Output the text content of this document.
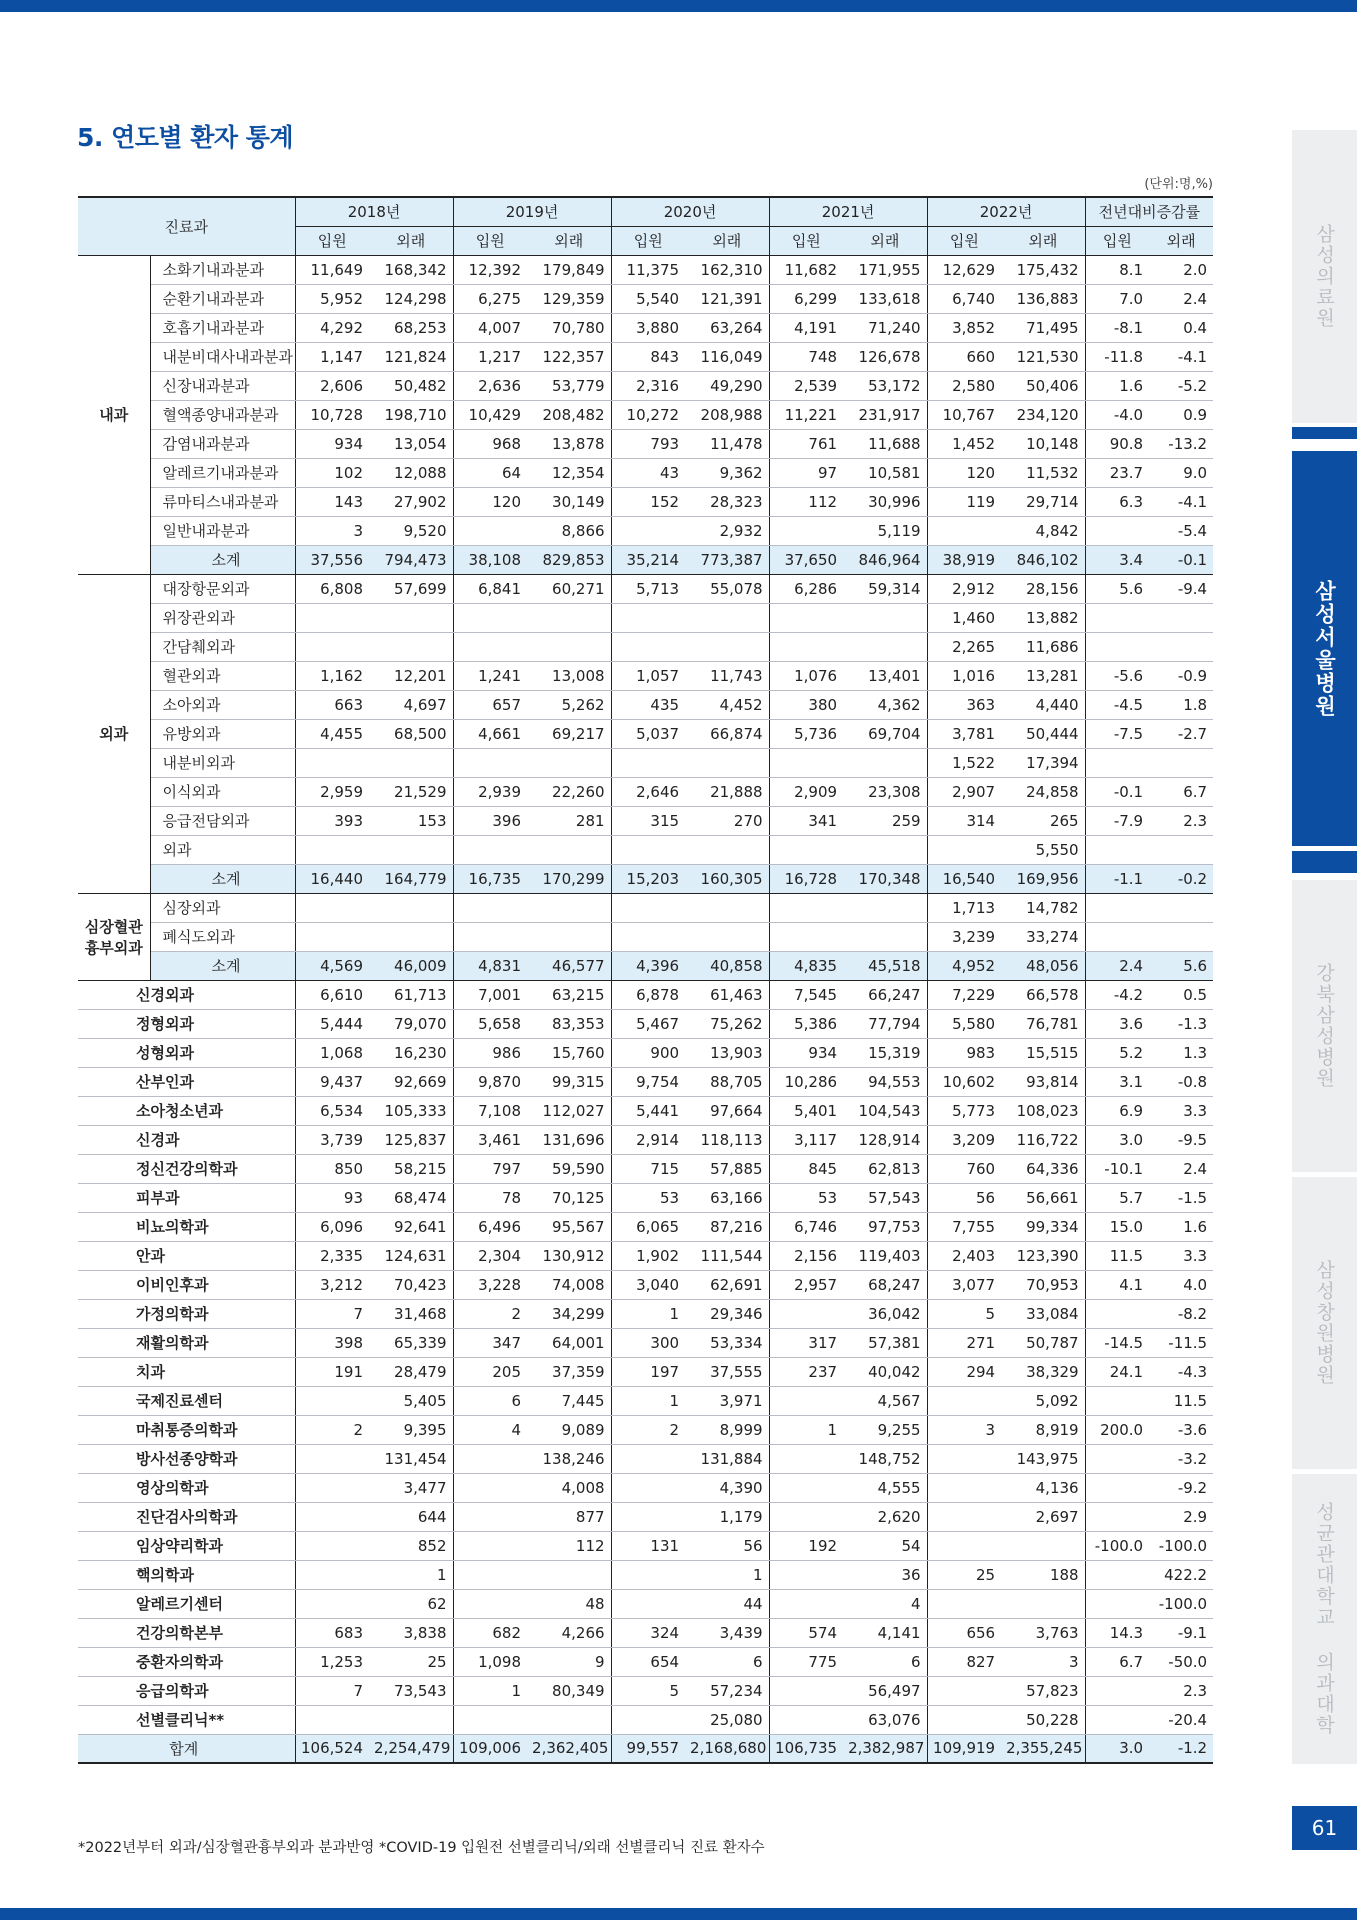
5. 연도별 환자 통계
(단위:명,%)
진료과		2018년		2019년		2020년		2021년		2022년		전년대비증감률	
		입원	외래	입원	외래	입원	외래	입원	외래	입원	외래	입원	외래
내과	소화기내과분과	11,649	168,342	12,392	179,849	11,375	162,310	11,682	171,955	12,629	175,432	8.1	2.0
	순환기내과분과	5,952	124,298	6,275	129,359	5,540	121,391	6,299	133,618	6,740	136,883	7.0	2.4
	호흡기내과분과	4,292	68,253	4,007	70,780	3,880	63,264	4,191	71,240	3,852	71,495	-8.1	0.4
	내분비대사내과분과	1,147	121,824	1,217	122,357	843	116,049	748	126,678	660	121,530	-11.8	-4.1
	신장내과분과	2,606	50,482	2,636	53,779	2,316	49,290	2,539	53,172	2,580	50,406	1.6	-5.2
	혈액종양내과분과	10,728	198,710	10,429	208,482	10,272	208,988	11,221	231,917	10,767	234,120	-4.0	0.9
	감염내과분과	934	13,054	968	13,878	793	11,478	761	11,688	1,452	10,148	90.8	-13.2
	알레르기내과분과	102	12,088	64	12,354	43	9,362	97	10,581	120	11,532	23.7	9.0
	류마티스내과분과	143	27,902	120	30,149	152	28,323	112	30,996	119	29,714	6.3	-4.1
	일반내과분과	3	9,520		8,866		2,932		5,119		4,842		-5.4
	소계	37,556	794,473	38,108	829,853	35,214	773,387	37,650	846,964	38,919	846,102	3.4	-0.1
외과	대장항문외과	6,808	57,699	6,841	60,271	5,713	55,078	6,286	59,314	2,912	28,156	5.6	-9.4
	위장관외과									1,460	13,882		
	간담췌외과									2,265	11,686		
	혈관외과	1,162	12,201	1,241	13,008	1,057	11,743	1,076	13,401	1,016	13,281	-5.6	-0.9
	소아외과	663	4,697	657	5,262	435	4,452	380	4,362	363	4,440	-4.5	1.8
	유방외과	4,455	68,500	4,661	69,217	5,037	66,874	5,736	69,704	3,781	50,444	-7.5	-2.7
	내분비외과									1,522	17,394		
	이식외과	2,959	21,529	2,939	22,260	2,646	21,888	2,909	23,308	2,907	24,858	-0.1	6.7
	응급전담외과	393	153	396	281	315	270	341	259	314	265	-7.9	2.3
	외과										5,550		
	소계	16,440	164,779	16,735	170,299	15,203	160,305	16,728	170,348	16,540	169,956	-1.1	-0.2
심장혈관
흉부외과	심장외과									1,713	14,782		
	폐식도외과									3,239	33,274		
	소계	4,569	46,009	4,831	46,577	4,396	40,858	4,835	45,518	4,952	48,056	2.4	5.6
신경외과		6,610	61,713	7,001	63,215	6,878	61,463	7,545	66,247	7,229	66,578	-4.2	0.5
정형외과		5,444	79,070	5,658	83,353	5,467	75,262	5,386	77,794	5,580	76,781	3.6	-1.3
성형외과		1,068	16,230	986	15,760	900	13,903	934	15,319	983	15,515	5.2	1.3
산부인과		9,437	92,669	9,870	99,315	9,754	88,705	10,286	94,553	10,602	93,814	3.1	-0.8
소아청소년과		6,534	105,333	7,108	112,027	5,441	97,664	5,401	104,543	5,773	108,023	6.9	3.3
신경과		3,739	125,837	3,461	131,696	2,914	118,113	3,117	128,914	3,209	116,722	3.0	-9.5
정신건강의학과		850	58,215	797	59,590	715	57,885	845	62,813	760	64,336	-10.1	2.4
피부과		93	68,474	78	70,125	53	63,166	53	57,543	56	56,661	5.7	-1.5
비뇨의학과		6,096	92,641	6,496	95,567	6,065	87,216	6,746	97,753	7,755	99,334	15.0	1.6
안과		2,335	124,631	2,304	130,912	1,902	111,544	2,156	119,403	2,403	123,390	11.5	3.3
이비인후과		3,212	70,423	3,228	74,008	3,040	62,691	2,957	68,247	3,077	70,953	4.1	4.0
가정의학과		7	31,468	2	34,299	1	29,346		36,042	5	33,084		-8.2
재활의학과		398	65,339	347	64,001	300	53,334	317	57,381	271	50,787	-14.5	-11.5
치과		191	28,479	205	37,359	197	37,555	237	40,042	294	38,329	24.1	-4.3
국제진료센터			5,405	6	7,445	1	3,971		4,567		5,092		11.5
마취통증의학과		2	9,395	4	9,089	2	8,999	1	9,255	3	8,919	200.0	-3.6
방사선종양학과			131,454		138,246		131,884		148,752		143,975		-3.2
영상의학과			3,477		4,008		4,390		4,555		4,136		-9.2
진단검사의학과			644		877		1,179		2,620		2,697		2.9
임상약리학과			852		112	131	56	192	54			-100.0	-100.0
핵의학과			1				1		36	25	188		422.2
알레르기센터			62		48		44		4				-100.0
건강의학본부		683	3,838	682	4,266	324	3,439	574	4,141	656	3,763	14.3	-9.1
중환자의학과		1,253	25	1,098	9	654	6	775	6	827	3	6.7	-50.0
응급의학과		7	73,543	1	80,349	5	57,234		56,497		57,823		2.3
선별클리닉**							25,080		63,076		50,228		-20.4
합계		106,524	2,254,479	109,006	2,362,405	99,557	2,168,680	106,735	2,382,987	109,919	2,355,245	3.0	-1.2
*2022년부터 외과/심장혈관흉부외과 분과반영 *COVID-19 입원전 선별클리닉/외래 선별클리닉 진료 환자수
삼성의료원
삼성서울병원
강북삼성병원
삼성창원병원
성균관대학교 의과대학
61
